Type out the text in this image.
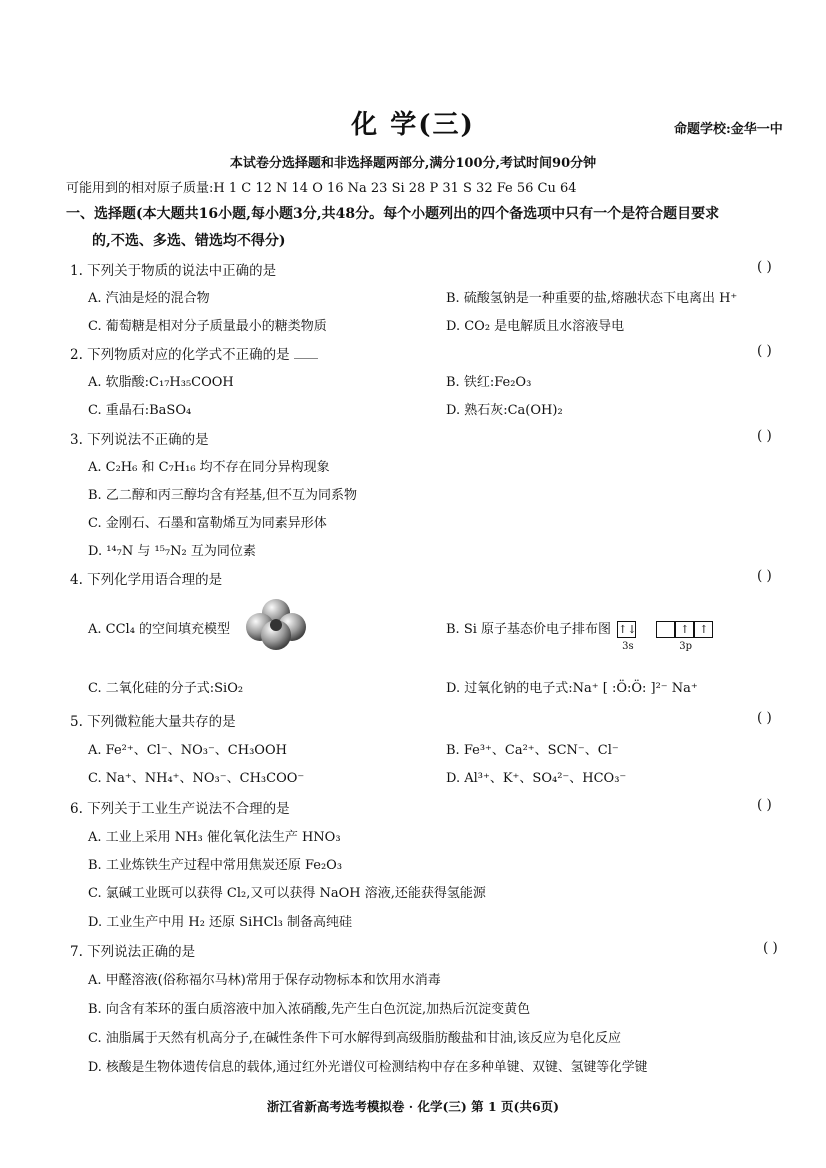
化 学(三)	命题学校:金华一中
本试卷分选择题和非选择题两部分,满分100分,考试时间90分钟
可能用到的相对原子质量:H 1 C 12 N 14 O 16 Na 23 Si 28 P 31 S 32 Fe 56 Cu 64
一、选择题(本大题共16小题,每小题3分,共48分。每个小题列出的四个备选项中只有一个是符合题目要求
的,不选、多选、错选均不得分)
1. 下列关于物质的说法中正确的是	( )
A. 汽油是烃的混合物	B. 硫酸氢钠是一种重要的盐,熔融状态下电离出 H⁺
C. 葡萄糖是相对分子质量最小的糖类物质	D. CO₂ 是电解质且水溶液导电
2. 下列物质对应的化学式不正确的是	( )
A. 软脂酸:C₁₇H₃₅COOH	B. 铁红:Fe₂O₃
C. 重晶石:BaSO₄	D. 熟石灰:Ca(OH)₂
3. 下列说法不正确的是	( )
A. C₂H₆ 和 C₇H₁₆ 均不存在同分异构现象
B. 乙二醇和丙三醇均含有羟基,但不互为同系物
C. 金刚石、石墨和富勒烯互为同素异形体
D. ¹⁴₇N 与 ¹⁵₇N₂ 互为同位素
4. 下列化学用语合理的是	( )
A. CCl₄ 的空间填充模型	B. Si 原子基态价电子排布图 ↑↓
3s
↑ ↑
3p
C. 二氧化硅的分子式:SiO₂	D. 过氧化钠的电子式:Na⁺ [ :Ö:Ö: ]²⁻ Na⁺
5. 下列微粒能大量共存的是	( )
A. Fe²⁺、Cl⁻、NO₃⁻、CH₃OOH	B. Fe³⁺、Ca²⁺、SCN⁻、Cl⁻
C. Na⁺、NH₄⁺、NO₃⁻、CH₃COO⁻	D. Al³⁺、K⁺、SO₄²⁻、HCO₃⁻
6. 下列关于工业生产说法不合理的是	( )
A. 工业上采用 NH₃ 催化氧化法生产 HNO₃
B. 工业炼铁生产过程中常用焦炭还原 Fe₂O₃
C. 氯碱工业既可以获得 Cl₂,又可以获得 NaOH 溶液,还能获得氢能源
D. 工业生产中用 H₂ 还原 SiHCl₃ 制备高纯硅
7. 下列说法正确的是	( )
A. 甲醛溶液(俗称福尔马林)常用于保存动物标本和饮用水消毒
B. 向含有苯环的蛋白质溶液中加入浓硝酸,先产生白色沉淀,加热后沉淀变黄色
C. 油脂属于天然有机高分子,在碱性条件下可水解得到高级脂肪酸盐和甘油,该反应为皂化反应
D. 核酸是生物体遗传信息的载体,通过红外光谱仪可检测结构中存在多种单键、双键、氢键等化学键
浙江省新高考选考模拟卷 · 化学(三) 第 1 页(共6页)
